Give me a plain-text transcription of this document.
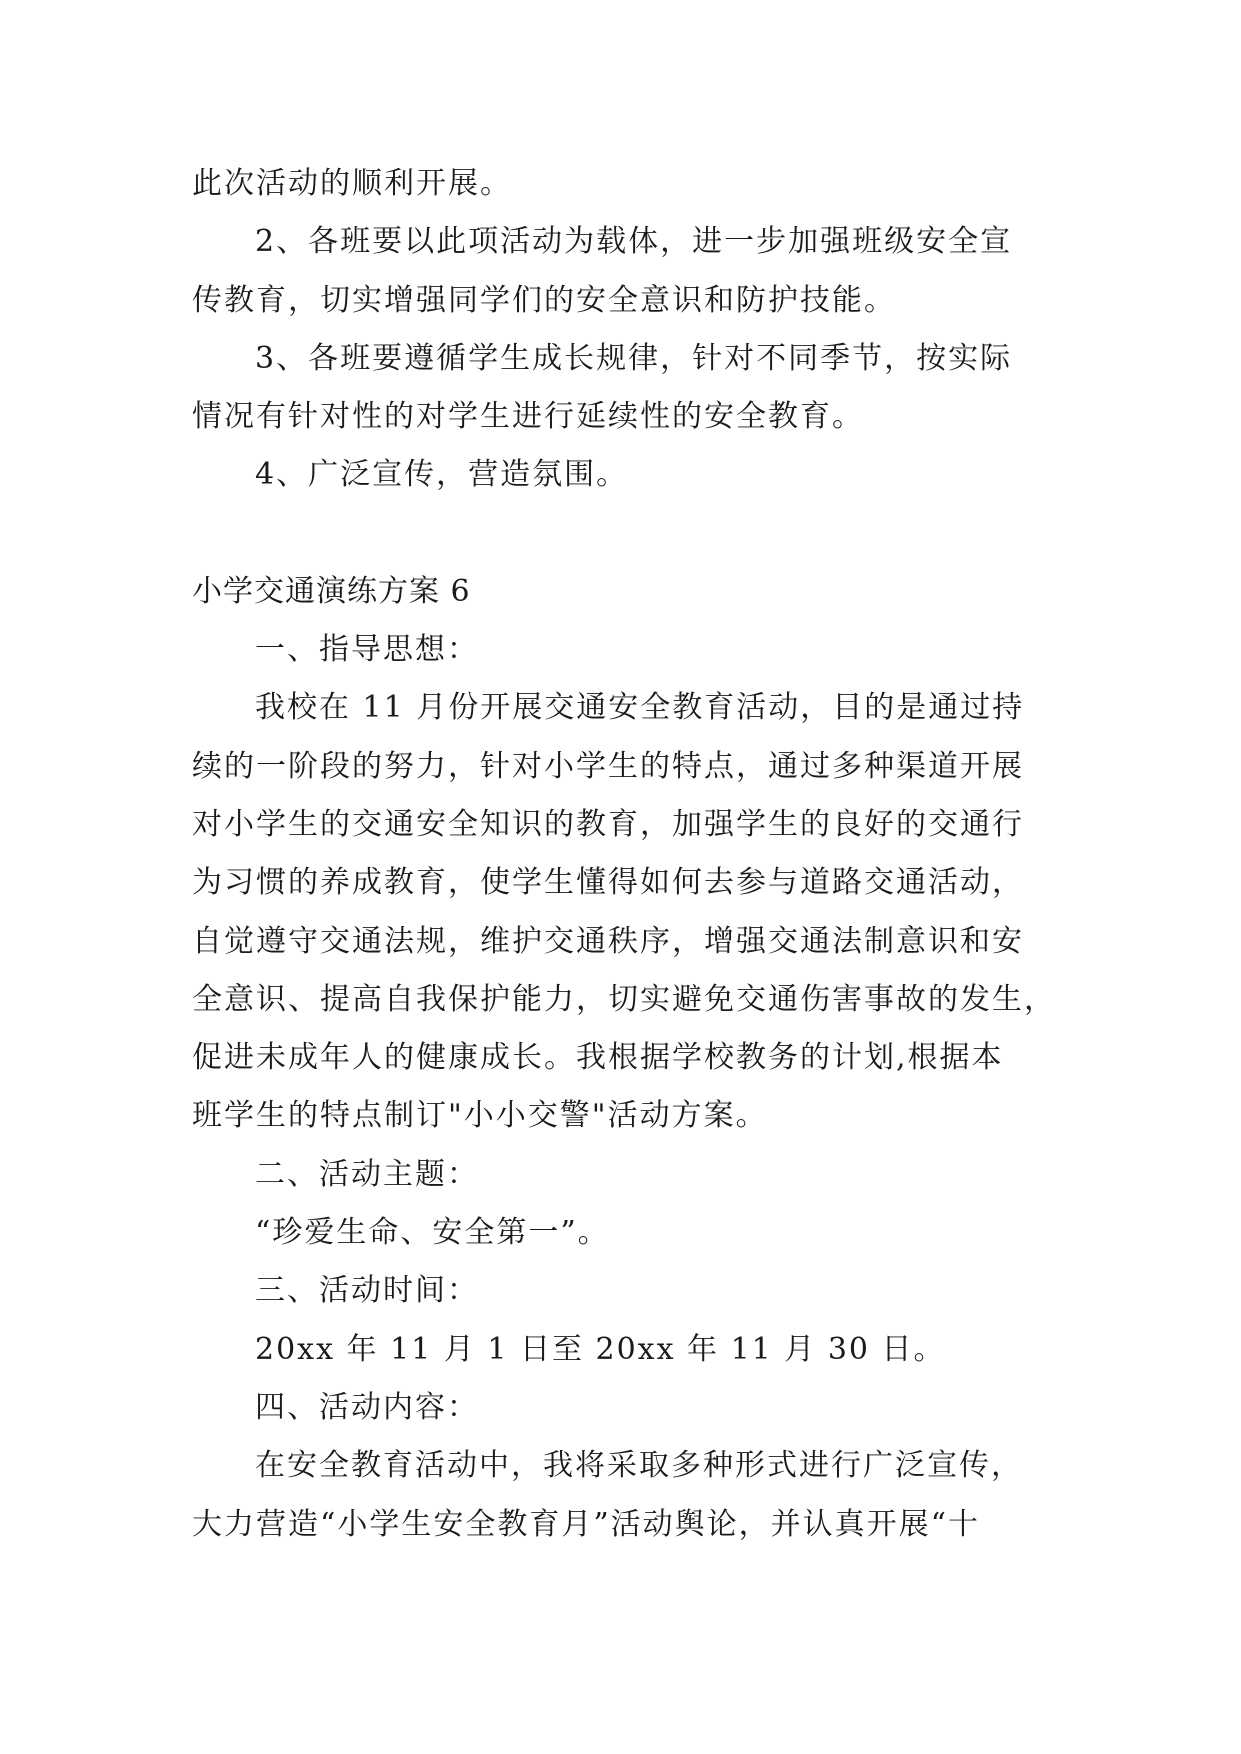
此次活动的顺利开展。
2、各班要以此项活动为载体，进一步加强班级安全宣
传教育，切实增强同学们的安全意识和防护技能。
3、各班要遵循学生成长规律，针对不同季节，按实际
情况有针对性的对学生进行延续性的安全教育。
4、广泛宣传，营造氛围。
小学交通演练方案 6
一、指导思想：
我校在 11 月份开展交通安全教育活动，目的是通过持
续的一阶段的努力，针对小学生的特点，通过多种渠道开展
对小学生的交通安全知识的教育，加强学生的良好的交通行
为习惯的养成教育，使学生懂得如何去参与道路交通活动，
自觉遵守交通法规，维护交通秩序，增强交通法制意识和安
全意识、提高自我保护能力，切实避免交通伤害事故的发生，
促进未成年人的健康成长。我根据学校教务的计划,根据本
班学生的特点制订"小小交警"活动方案。
二、活动主题：
“珍爱生命、安全第一”。
三、活动时间：
20xx 年 11 月 1 日至 20xx 年 11 月 30 日。
四、活动内容：
在安全教育活动中，我将采取多种形式进行广泛宣传，
大力营造“小学生安全教育月”活动舆论，并认真开展“十
